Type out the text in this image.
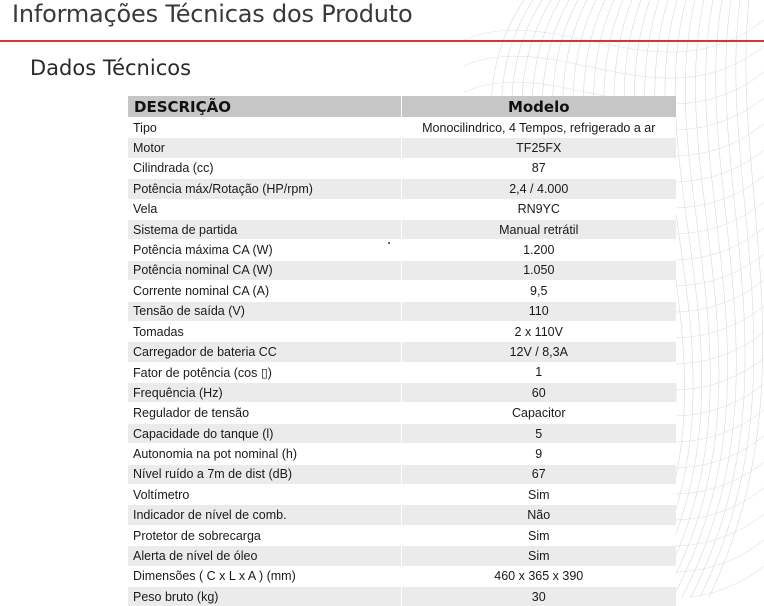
Informações Técnicas dos Produto
Dados Técnicos
DESCRIÇÃO	Modelo
Tipo	Monocilindrico, 4 Tempos, refrigerado a ar
Motor	TF25FX
Cilindrada (cc)	87
Potência máx/Rotação (HP/rpm)	2,4 / 4.000
Vela	RN9YC
Sistema de partida	Manual retrátil
Potência máxima CA (W)	1.200
Potência nominal CA (W)	1.050
Corrente nominal CA (A)	9,5
Tensão de saída (V)	110
Tomadas	2 x 110V
Carregador de bateria CC	12V / 8,3A
Fator de potência (cos ▯)	1
Frequência (Hz)	60
Regulador de tensão	Capacitor
Capacidade do tanque (l)	5
Autonomia na pot nominal (h)	9
Nível ruído a 7m de dist (dB)	67
Voltímetro	Sim
Indicador de nível de comb.	Não
Protetor de sobrecarga	Sim
Alerta de nível de óleo	Sim
Dimensões ( C x L x A ) (mm)	460 x 365 x 390
Peso bruto (kg)	30
